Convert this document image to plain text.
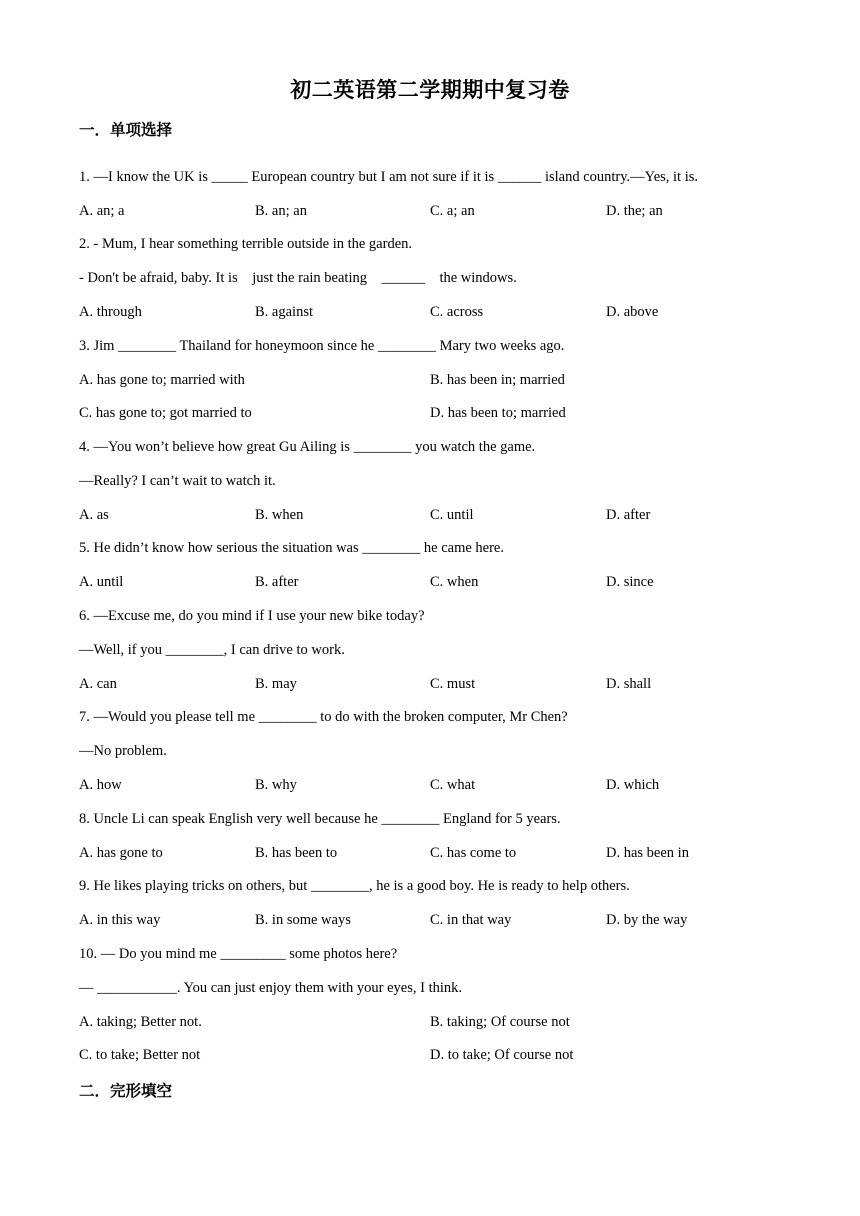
初二英语第二学期期中复习卷
一．单项选择
1. —I know the UK is _____ European country but I am not sure if it is ______ island country.—Yes, it is.
A. an; a	B. an; an	C. a; an	D. the; an
2. - Mum, I hear something terrible outside in the garden.
- Don't be afraid, baby. It is    just the rain beating    ______    the windows.
A. through	B. against	C. across	D. above
3. Jim ________ Thailand for honeymoon since he ________ Mary two weeks ago.
A. has gone to; married with	B. has been in; married
C. has gone to; got married to	D. has been to; married
4. —You won’t believe how great Gu Ailing is ________ you watch the game.
—Really? I can’t wait to watch it.
A. as	B. when	C. until	D. after
5. He didn’t know how serious the situation was ________ he came here.
A. until	B. after	C. when	D. since
6. —Excuse me, do you mind if I use your new bike today?
—Well, if you ________, I can drive to work.
A. can	B. may	C. must	D. shall
7. —Would you please tell me ________ to do with the broken computer, Mr Chen?
—No problem.
A. how	B. why	C. what	D. which
8. Uncle Li can speak English very well because he ________ England for 5 years.
A. has gone to	B. has been to	C. has come to	D. has been in
9. He likes playing tricks on others, but ________, he is a good boy. He is ready to help others.
A. in this way	B. in some ways	C. in that way	D. by the way
10. — Do you mind me _________ some photos here?
— ___________. You can just enjoy them with your eyes, I think.
A. taking; Better not.	B. taking; Of course not
C. to take; Better not	D. to take; Of course not
二．完形填空
